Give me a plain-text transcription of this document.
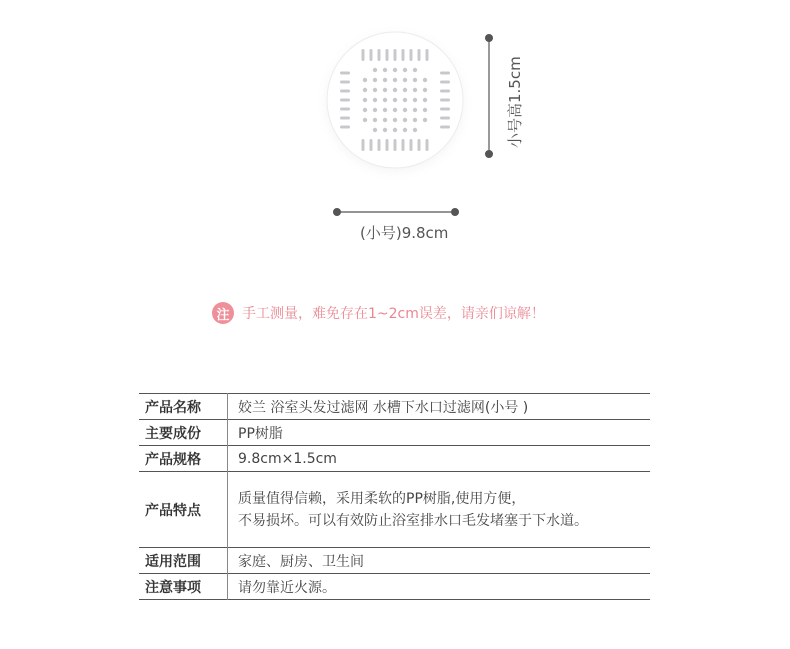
(小号)9.8cm
小号高1.5cm
注 手工测量，难免存在1~2cm误差，请亲们谅解！
产品名称	姣兰 浴室头发过滤网 水槽下水口过滤网(小号 )
主要成份	PP树脂
产品规格	9.8cm×1.5cm
产品特点	质量值得信赖，采用柔软的PP树脂,使用方便，
不易损坏。可以有效防止浴室排水口毛发堵塞于下水道。

适用范围	家庭、厨房、卫生间
注意事项	请勿靠近火源。
